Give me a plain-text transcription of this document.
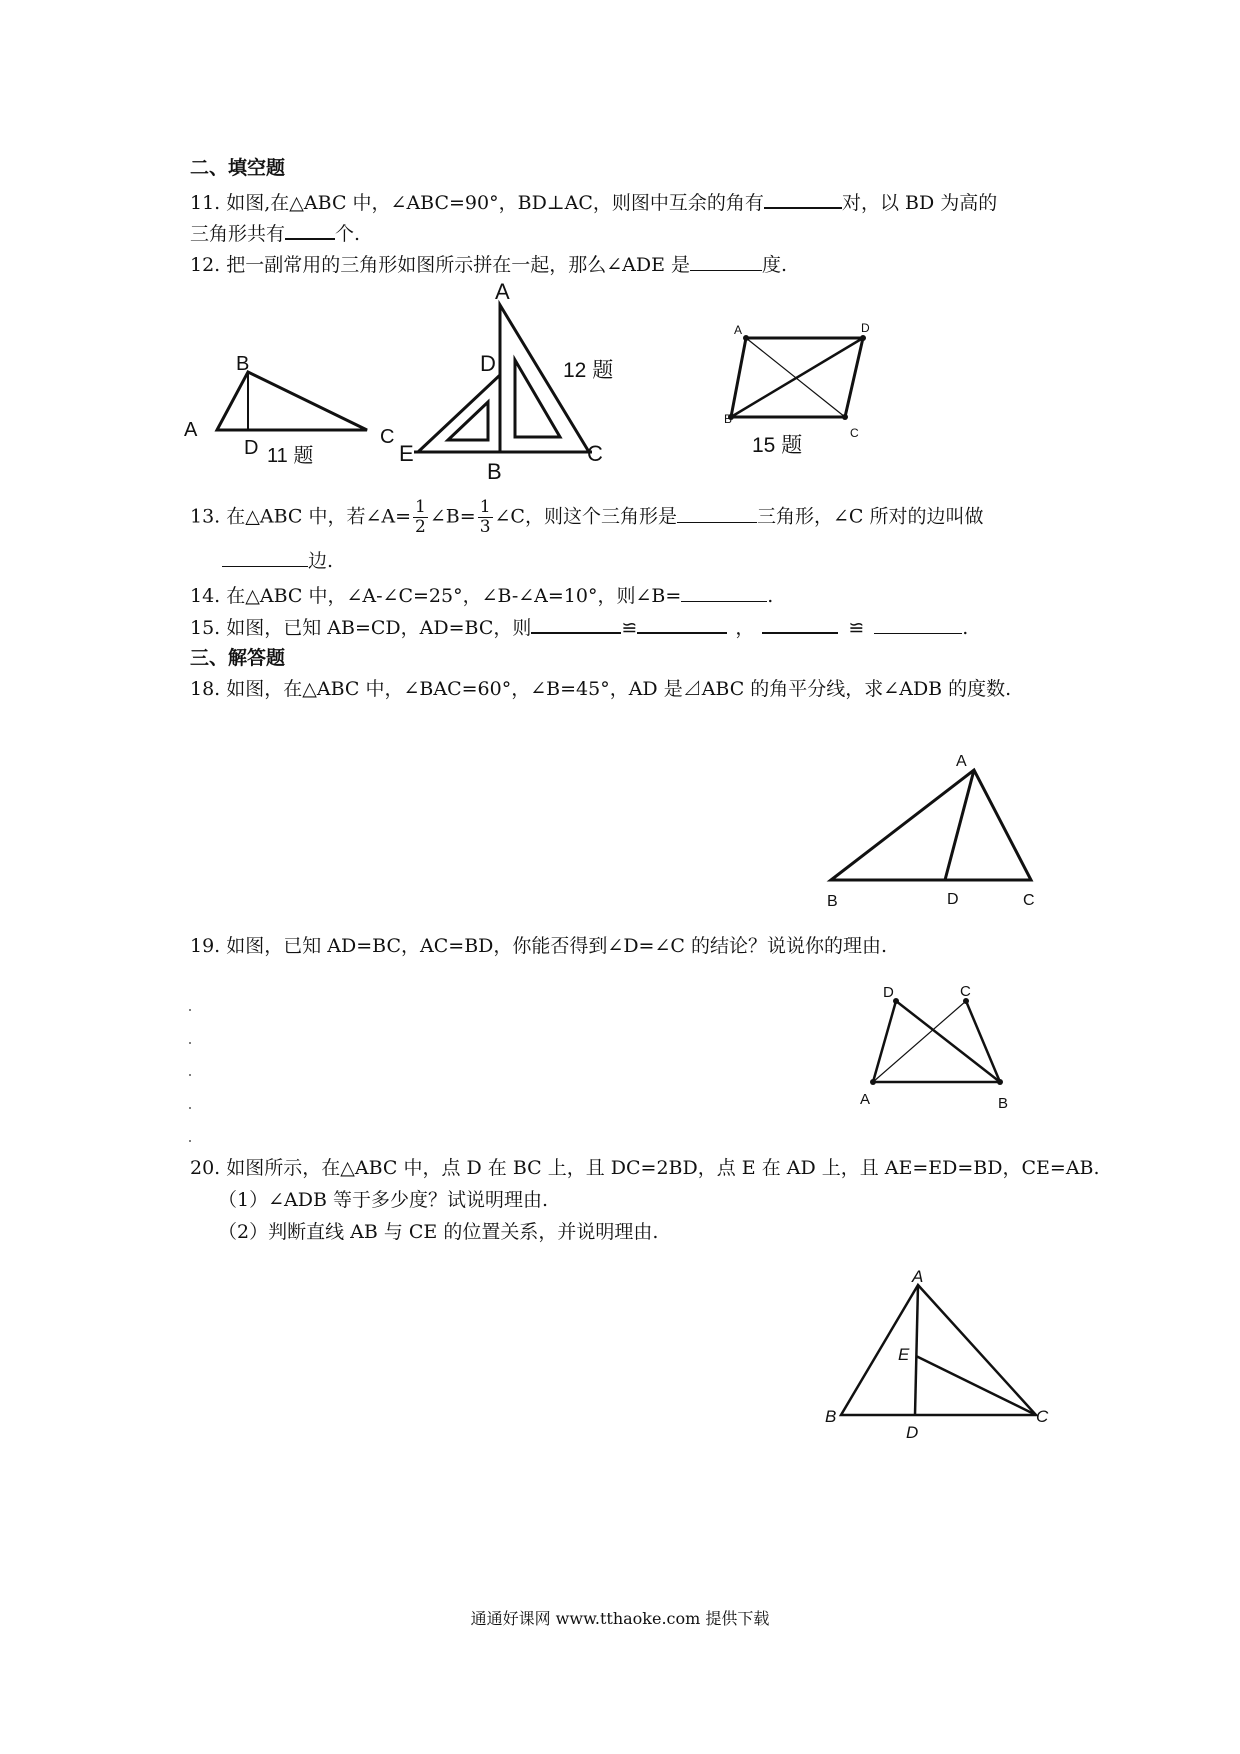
二、填空题
11. 如图,在△ABC 中，∠ABC=90°，BD⊥AC，则图中互余的角有	对，以 BD 为高的
三角形共有	个.
12. 把一副常用的三角形如图所示拼在一起，那么∠ADE 是	度.
B
A	C
D 11 题
A
D
E
B
C
12 题
A	D
B
C
15 题
13. 在△ABC 中，若∠A= $\frac{1}{2}$ ∠B= $\frac{1}{3}$ ∠C，则这个三角形是	三角形，∠C 所对的边叫做
边.
14. 在△ABC 中，∠A-∠C=25°，∠B-∠A=10°，则∠B=	.
15. 如图，已知 AB=CD，AD=BC，则	≌	，	≌	.
三、解答题
18. 如图，在△ABC 中，∠BAC=60°，∠B=45°，AD 是⊿ABC 的角平分线，求∠ADB 的度数.
A
B	D	C
19. 如图，已知 AD=BC，AC=BD，你能否得到∠D=∠C 的结论？说说你的理由.
D	C
A	B
20. 如图所示，在△ABC 中，点 D 在 BC 上，且 DC=2BD，点 E 在 AD 上，且 AE=ED=BD，CE=AB.
（1）∠ADB 等于多少度？试说明理由.
（2）判断直线 AB 与 CE 的位置关系，并说明理由.
A
E
B
D
C
通通好课网 www.tthaoke.com 提供下载
